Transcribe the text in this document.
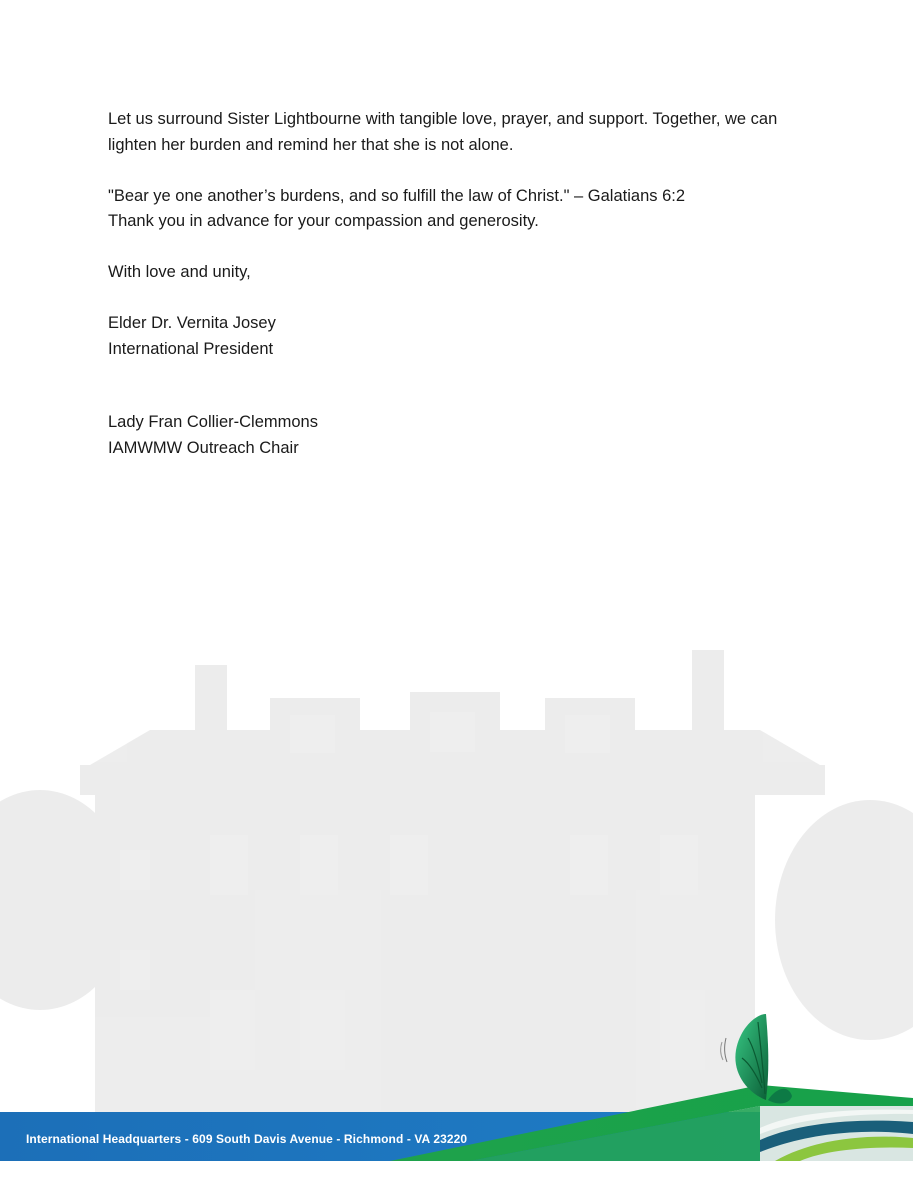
Let us surround Sister Lightbourne with tangible love, prayer, and support. Together, we can lighten her burden and remind her that she is not alone.

"Bear ye one another’s burdens, and so fulfill the law of Christ." – Galatians 6:2

Thank you in advance for your compassion and generosity.

With love and unity,

Elder Dr. Vernita Josey

International President

Lady Fran Collier-Clemmons

IAMWMW Outreach Chair

International Headquarters - 609 South Davis Avenue - Richmond - VA 23220
